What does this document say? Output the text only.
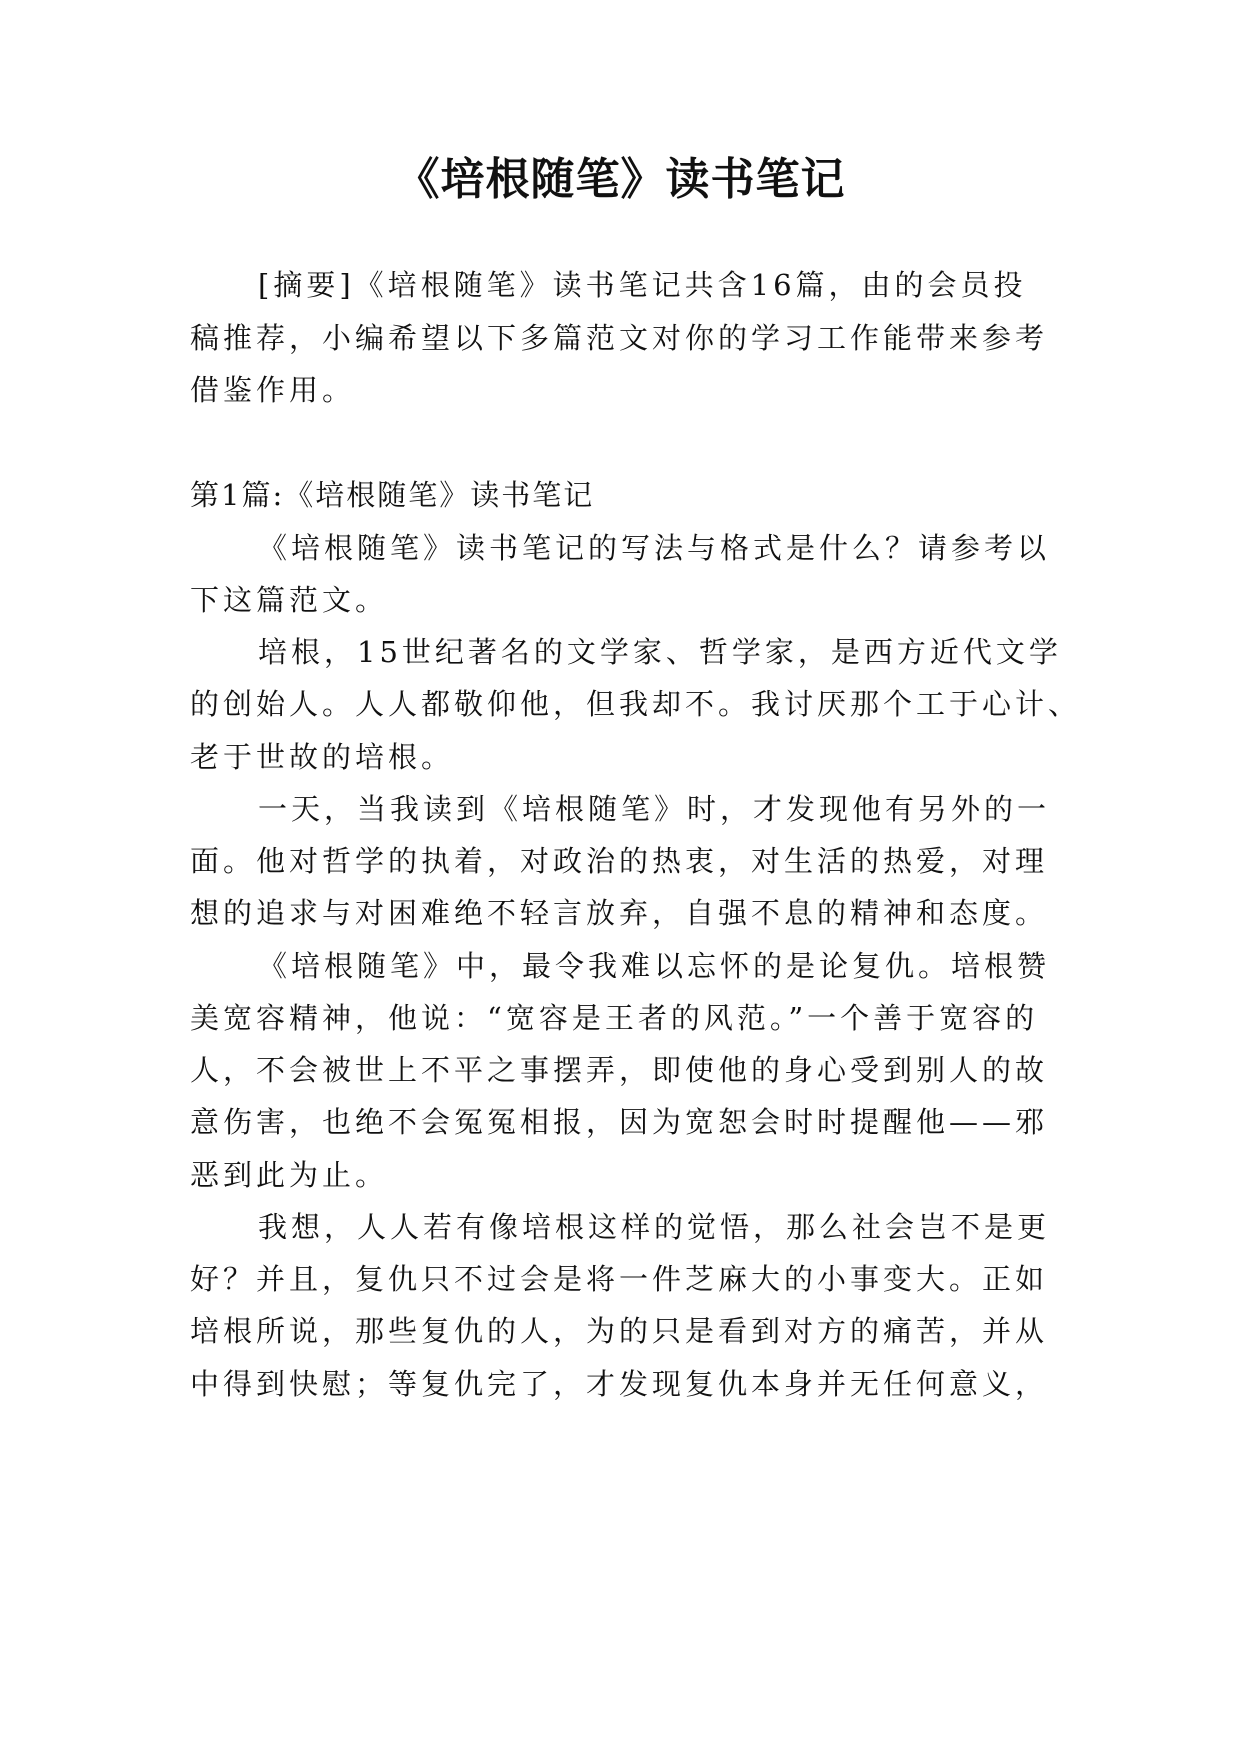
《培根随笔》读书笔记

[摘要]《培根随笔》读书笔记共含16篇，由的会员投

稿推荐，小编希望以下多篇范文对你的学习工作能带来参考

借鉴作用。

第1篇:《培根随笔》读书笔记

《培根随笔》读书笔记的写法与格式是什么？请参考以

下这篇范文。

培根，15世纪著名的文学家、哲学家，是西方近代文学

的创始人。人人都敬仰他，但我却不。我讨厌那个工于心计、

老于世故的培根。

一天，当我读到《培根随笔》时，才发现他有另外的一

面。他对哲学的执着，对政治的热衷，对生活的热爱，对理

想的追求与对困难绝不轻言放弃，自强不息的精神和态度。

《培根随笔》中，最令我难以忘怀的是论复仇。培根赞

美宽容精神，他说：“宽容是王者的风范。”一个善于宽容的

人，不会被世上不平之事摆弄，即使他的身心受到别人的故

意伤害，也绝不会冤冤相报，因为宽恕会时时提醒他——邪

恶到此为止。

我想，人人若有像培根这样的觉悟，那么社会岂不是更

好？并且，复仇只不过会是将一件芝麻大的小事变大。正如

培根所说，那些复仇的人，为的只是看到对方的痛苦，并从

中得到快慰；等复仇完了，才发现复仇本身并无任何意义，
